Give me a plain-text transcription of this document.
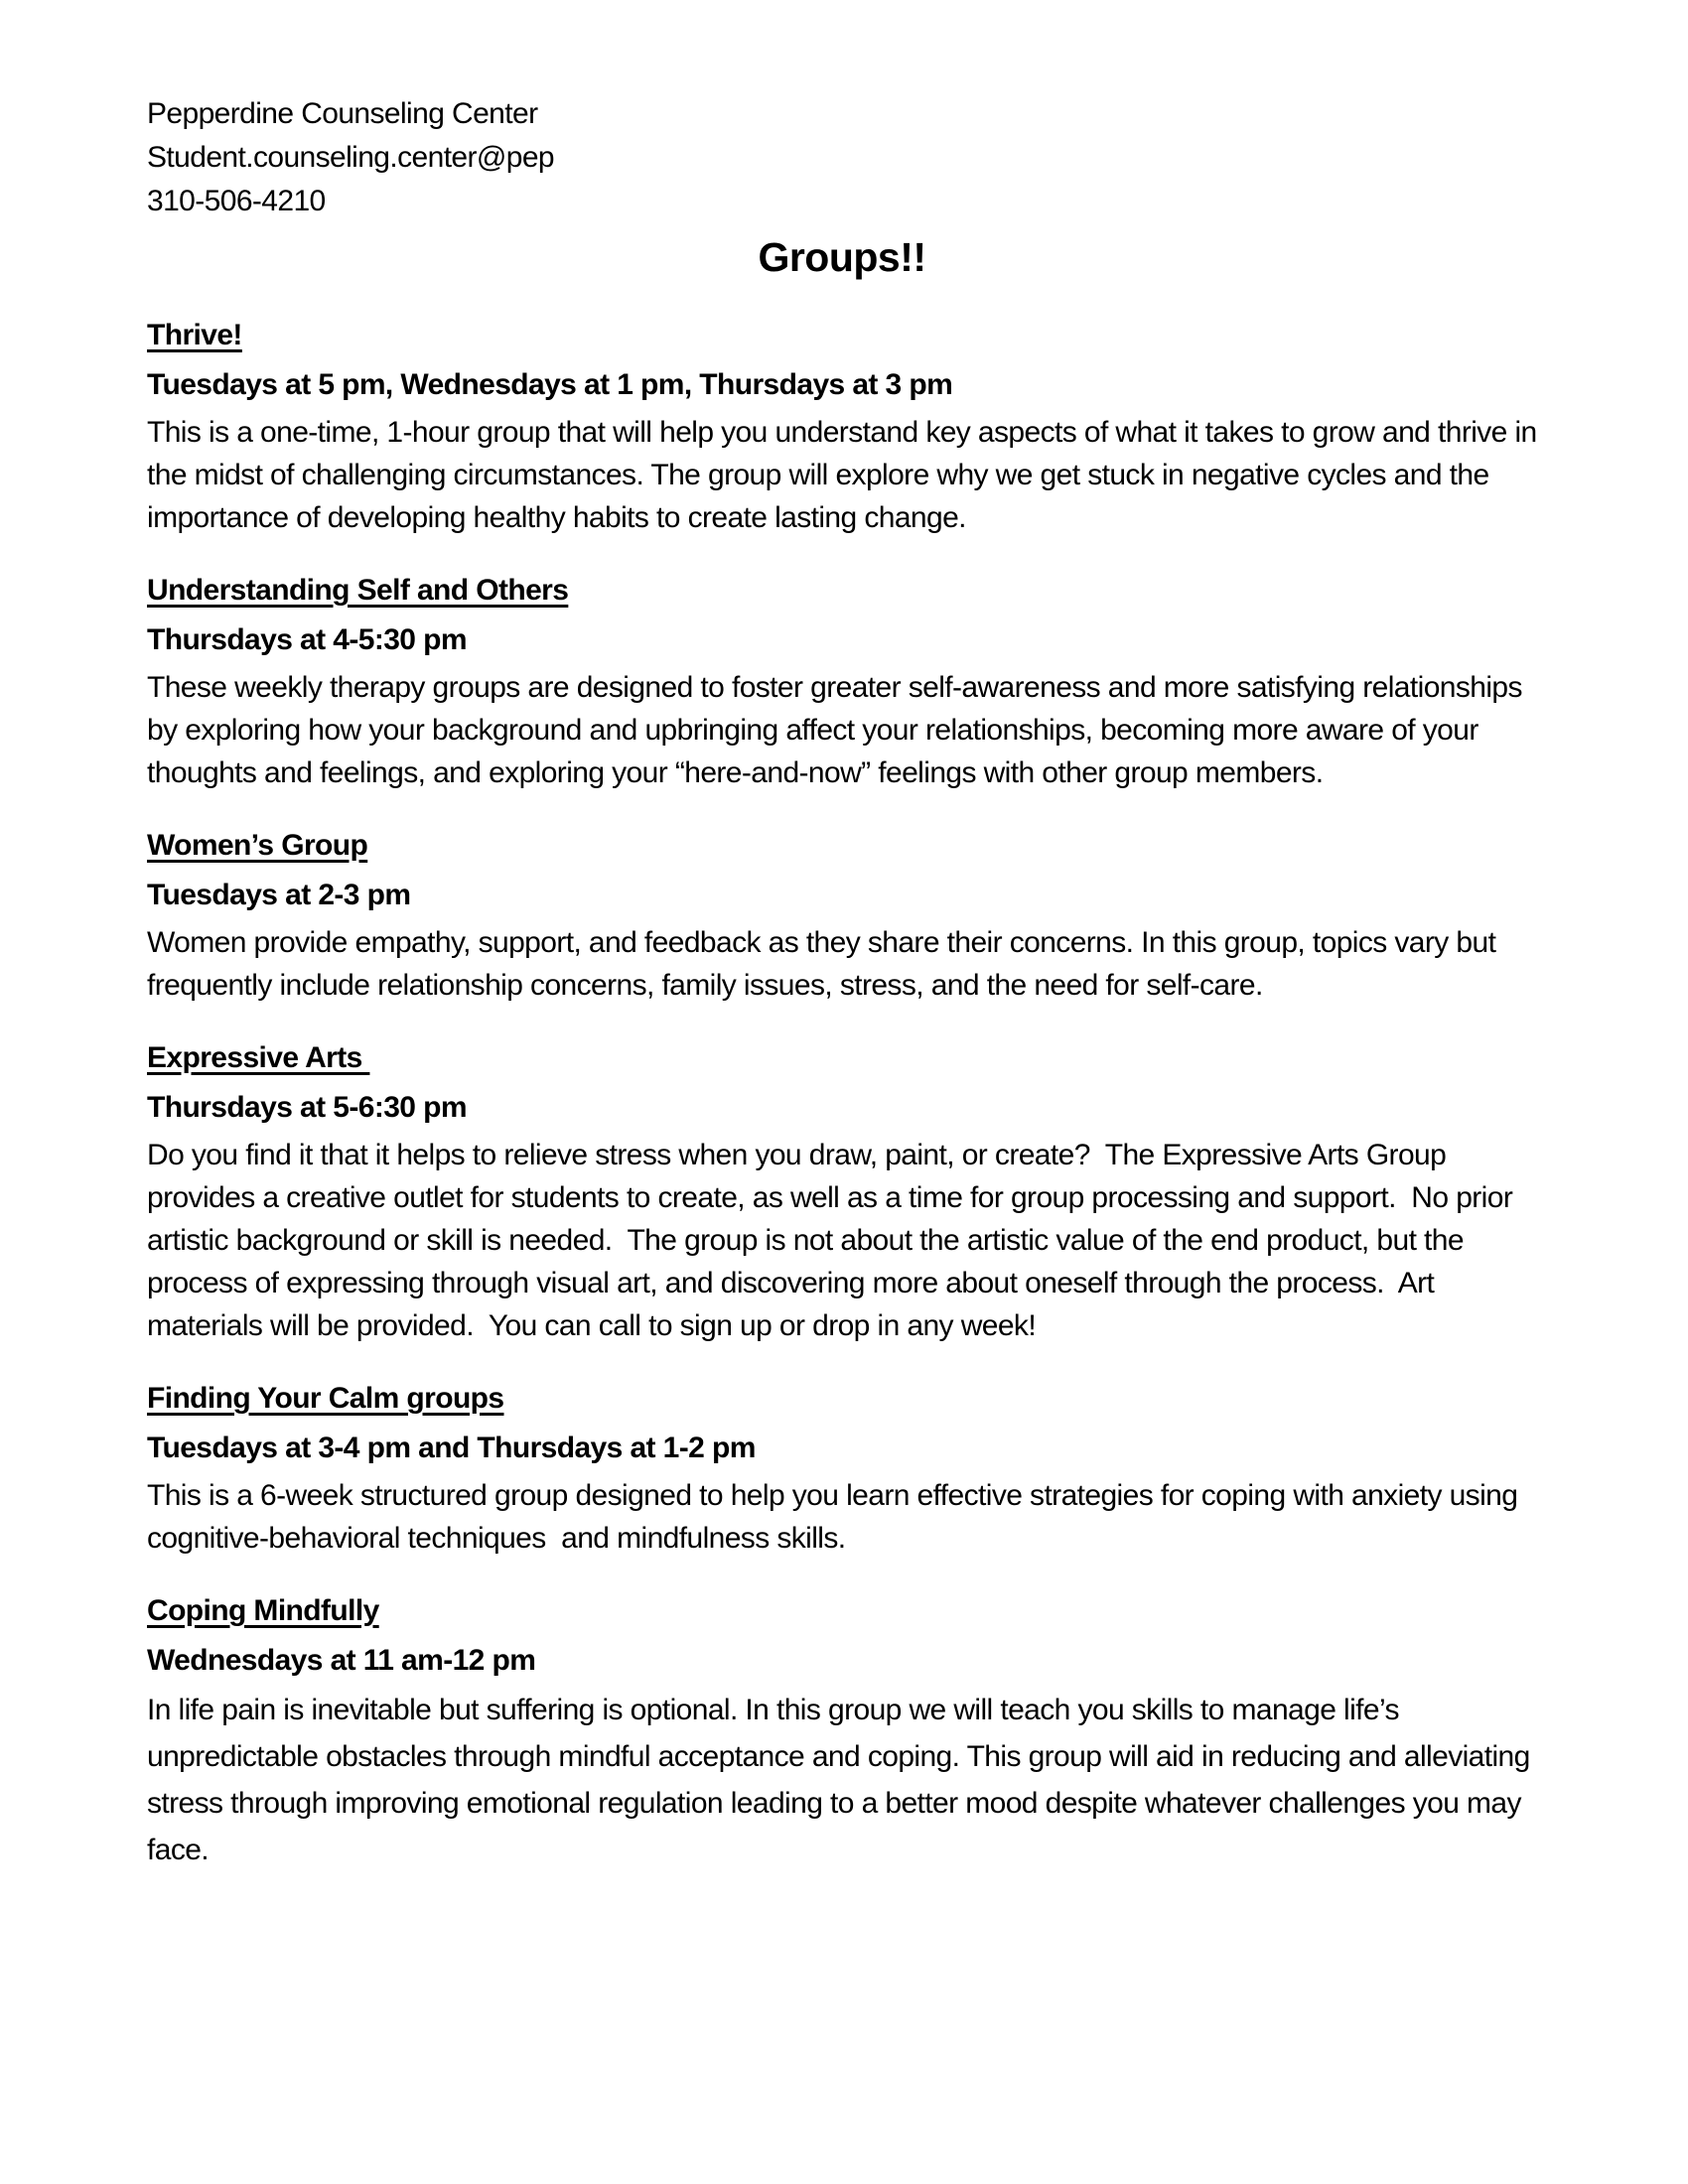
Pepperdine Counseling Center

Student.counseling.center@pep

310-506-4210

Groups!!
Thrive!

Tuesdays at 5 pm, Wednesdays at 1 pm, Thursdays at 3 pm

This is a one-time, 1-hour group that will help you understand key aspects of what it takes to grow and thrive in the midst of challenging circumstances. The group will explore why we get stuck in negative cycles and the importance of developing healthy habits to create lasting change.

Understanding Self and Others

Thursdays at 4-5:30 pm

These weekly therapy groups are designed to foster greater self-awareness and more satisfying relationships by exploring how your background and upbringing affect your relationships, becoming more aware of your thoughts and feelings, and exploring your “here-and-now” feelings with other group members.

Women’s Group

Tuesdays at 2-3 pm

Women provide empathy, support, and feedback as they share their concerns. In this group, topics vary but frequently include relationship concerns, family issues, stress, and the need for self-care.

Expressive Arts

Thursdays at 5-6:30 pm

Do you find it that it helps to relieve stress when you draw, paint, or create?  The Expressive Arts Group provides a creative outlet for students to create, as well as a time for group processing and support.  No prior artistic background or skill is needed.  The group is not about the artistic value of the end product, but the process of expressing through visual art, and discovering more about oneself through the process.  Art materials will be provided.  You can call to sign up or drop in any week!

Finding Your Calm groups

Tuesdays at 3-4 pm and Thursdays at 1-2 pm

This is a 6-week structured group designed to help you learn effective strategies for coping with anxiety using cognitive-behavioral techniques  and mindfulness skills.

Coping Mindfully

Wednesdays at 11 am-12 pm

In life pain is inevitable but suffering is optional. In this group we will teach you skills to manage life’s unpredictable obstacles through mindful acceptance and coping. This group will aid in reducing and alleviating stress through improving emotional regulation leading to a better mood despite whatever challenges you may face.
